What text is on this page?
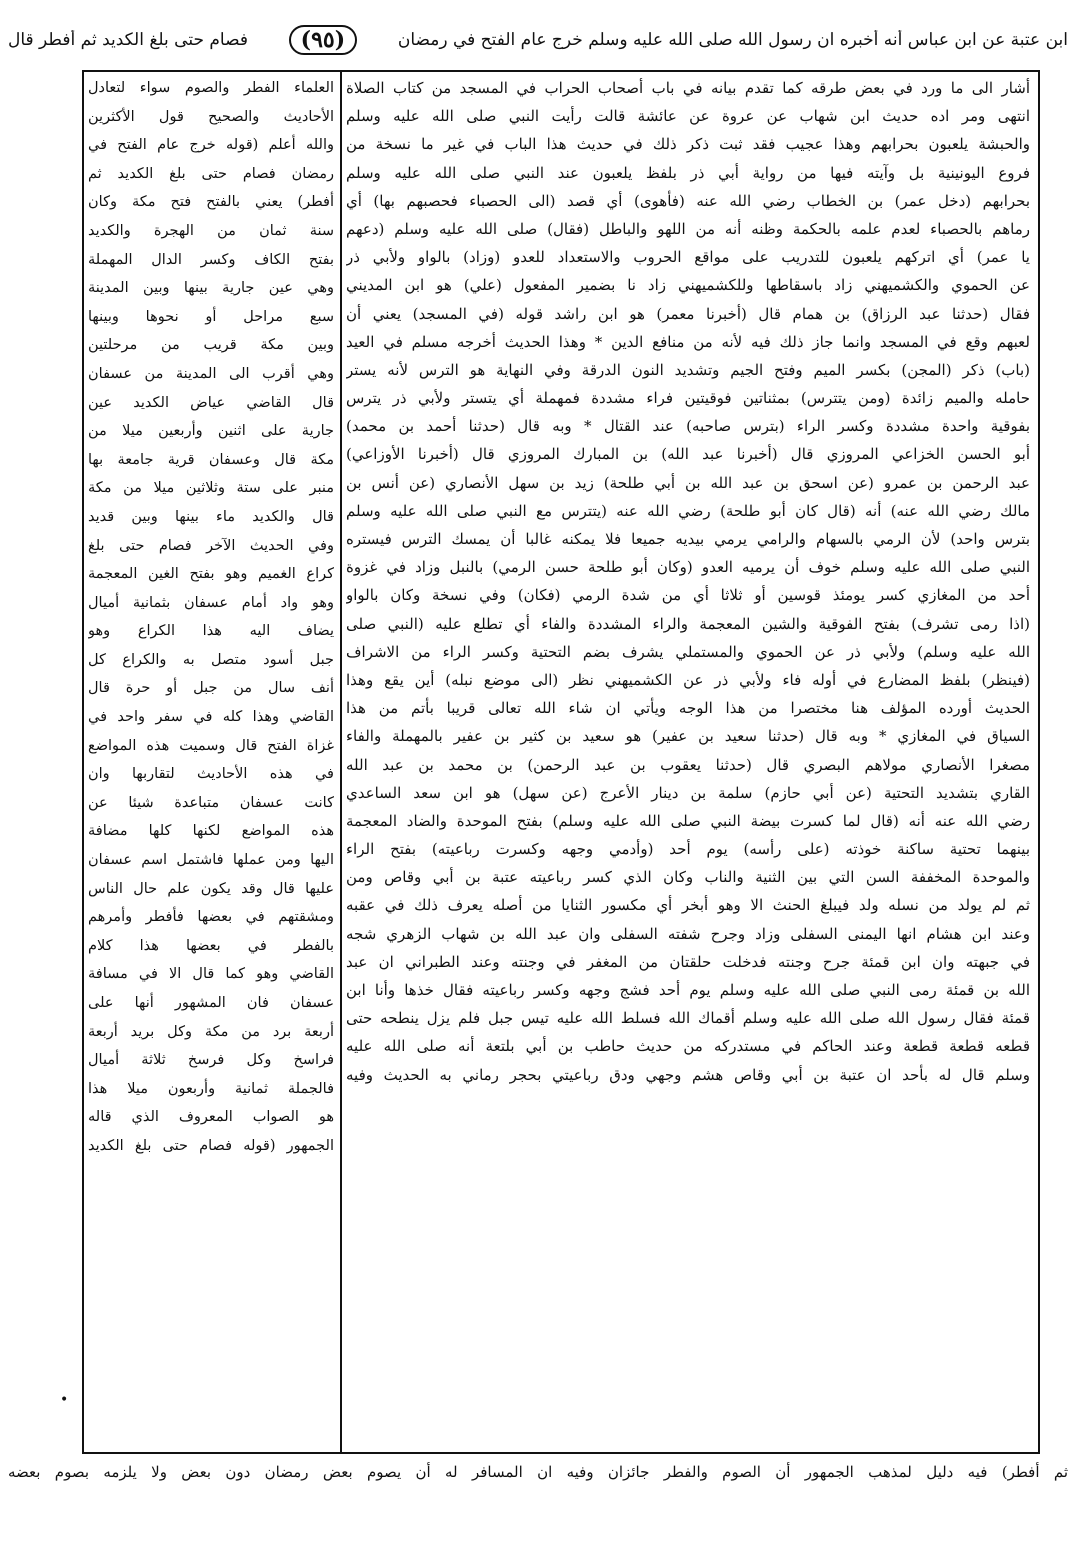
ابن عتبة عن ابن عباس أنه أخبره ان رسول الله صلى الله عليه وسلم خرج عام الفتح في رمضان
(٩٥)
فصام حتى بلغ الكديد ثم أفطر قال
أشار الى ما ورد في بعض طرقه كما تقدم بيانه في باب أصحاب الحراب في المسجد من كتاب الصلاة
انتهى ومر اده حديث ابن شهاب عن عروة عن عائشة قالت رأيت النبي صلى الله عليه وسلم
والحبشة يلعبون بحرابهم وهذا عجيب فقد ثبت ذكر ذلك في حديث هذا الباب في غير ما نسخة من
فروع اليونينية بل وآيته فيها من رواية أبي ذر بلفظ يلعبون عند النبي صلى الله عليه وسلم
بحرابهم (دخل عمر) بن الخطاب رضي الله عنه (فأهوى) أي قصد (الى الحصباء فحصبهم بها) أي
رماهم بالحصباء لعدم علمه بالحكمة وظنه أنه من اللهو والباطل (فقال) صلى الله عليه وسلم (دعهم
يا عمر) أي اتركهم يلعبون للتدريب على مواقع الحروب والاستعداد للعدو (وزاد) بالواو ولأبي ذر
عن الحموي والكشميهني زاد باسقاطها وللكشميهني زاد نا بضمير المفعول (علي) هو ابن المديني
فقال (حدثنا عبد الرزاق) بن همام قال (أخبرنا معمر) هو ابن راشد قوله (في المسجد) يعني أن
لعبهم وقع في المسجد وانما جاز ذلك فيه لأنه من منافع الدين * وهذا الحديث أخرجه مسلم في العيد
(باب) ذكر (المجن) بكسر الميم وفتح الجيم وتشديد النون الدرقة وفي النهاية هو الترس لأنه يستر
حامله والميم زائدة (ومن يتترس) بمثناتين فوقيتين فراء مشددة فمهملة أي يتستر ولأبي ذر يترس
بفوقية واحدة مشددة وكسر الراء (بترس صاحبه) عند القتال * وبه قال (حدثنا أحمد بن محمد)
أبو الحسن الخزاعي المروزي قال (أخبرنا عبد الله) بن المبارك المروزي قال (أخبرنا الأوزاعي)
عبد الرحمن بن عمرو (عن اسحق بن عبد الله بن أبي طلحة) زيد بن سهل الأنصاري (عن أنس بن
مالك رضي الله عنه) أنه (قال كان أبو طلحة) رضي الله عنه (يتترس مع النبي صلى الله عليه وسلم
بترس واحد) لأن الرمي بالسهام والرامي يرمي بيديه جميعا فلا يمكنه غالبا أن يمسك الترس فيستره
النبي صلى الله عليه وسلم خوف أن يرميه العدو (وكان أبو طلحة حسن الرمي) بالنبل وزاد في غزوة
أحد من المغازي كسر يومئذ قوسين أو ثلاثا أي من شدة الرمي (فكان) وفي نسخة وكان بالواو
(اذا رمى تشرف) بفتح الفوقية والشين المعجمة والراء المشددة والفاء أي تطلع عليه (النبي صلى
الله عليه وسلم) ولأبي ذر عن الحموي والمستملي يشرف بضم التحتية وكسر الراء من الاشراف
(فينظر) بلفظ المضارع في أوله فاء ولأبي ذر عن الكشميهني نظر (الى موضع نبله) أين يقع وهذا
الحديث أورده المؤلف هنا مختصرا من هذا الوجه ويأتي ان شاء الله تعالى قريبا بأتم من هذا
السياق في المغازي * وبه قال (حدثنا سعيد بن عفير) هو سعيد بن كثير بن عفير بالمهملة والفاء
مصغرا الأنصاري مولاهم البصري قال (حدثنا يعقوب بن عبد الرحمن) بن محمد بن عبد الله
القاري بتشديد التحتية (عن أبي حازم) سلمة بن دينار الأعرج (عن سهل) هو ابن سعد الساعدي
رضي الله عنه أنه (قال لما كسرت بيضة النبي صلى الله عليه وسلم) بفتح الموحدة والضاد المعجمة
بينهما تحتية ساكنة خوذته (على رأسه) يوم أحد (وأدمي وجهه وكسرت رباعيته) بفتح الراء
والموحدة المخففة السن التي بين الثنية والناب وكان الذي كسر رباعيته عتبة بن أبي وقاص ومن
ثم لم يولد من نسله ولد فيبلغ الحنث الا وهو أبخر أي مكسور الثنايا من أصله يعرف ذلك في عقبه
وعند ابن هشام انها اليمنى السفلى وزاد وجرح شفته السفلى وان عبد الله بن شهاب الزهري شجه
في جبهته وان ابن قمئة جرح وجنته فدخلت حلقتان من المغفر في وجنته وعند الطبراني ان عبد
الله بن قمئة رمى النبي صلى الله عليه وسلم يوم أحد فشج وجهه وكسر رباعيته فقال خذها وأنا ابن
قمئة فقال رسول الله صلى الله عليه وسلم أقماك الله فسلط الله عليه تيس جبل فلم يزل ينطحه حتى
قطعه قطعة قطعة وعند الحاكم في مستدركه من حديث حاطب بن أبي بلتعة أنه صلى الله عليه
وسلم قال له بأحد ان عتبة بن أبي وقاص هشم وجهي ودق رباعيتي بحجر رماني به الحديث وفيه
العلماء الفطر والصوم سواء لتعادل
الأحاديث والصحيح قول الأكثرين
والله أعلم (قوله خرج عام الفتح في
رمضان فصام حتى بلغ الكديد ثم
أفطر) يعني بالفتح فتح مكة وكان
سنة ثمان من الهجرة والكديد
بفتح الكاف وكسر الدال المهملة
وهي عين جارية بينها وبين المدينة
سبع مراحل أو نحوها وبينها
وبين مكة قريب من مرحلتين
وهي أقرب الى المدينة من عسفان
قال القاضي عياض الكديد عين
جارية على اثنين وأربعين ميلا من
مكة قال وعسفان قرية جامعة بها
منبر على ستة وثلاثين ميلا من مكة
قال والكديد ماء بينها وبين قديد
وفي الحديث الآخر فصام حتى بلغ
كراع الغميم وهو بفتح الغين المعجمة
وهو واد أمام عسفان بثمانية أميال
يضاف اليه هذا الكراع وهو
جبل أسود متصل به والكراع كل
أنف سال من جبل أو حرة قال
القاضي وهذا كله في سفر واحد في
غزاة الفتح قال وسميت هذه المواضع
في هذه الأحاديث لتقاربها وان
كانت عسفان متباعدة شيئا عن
هذه المواضع لكنها كلها مضافة
اليها ومن عملها فاشتمل اسم عسفان
عليها قال وقد يكون علم حال الناس
ومشقتهم في بعضها فأفطر وأمرهم
بالفطر في بعضها هذا كلام
القاضي وهو كما قال الا في مسافة
عسفان فان المشهور أنها على
أربعة برد من مكة وكل بريد أربعة
فراسخ وكل فرسخ ثلاثة أميال
فالجملة ثمانية وأربعون ميلا هذا
هو الصواب المعروف الذي قاله
الجمهور (قوله فصام حتى بلغ الكديد
ثم أفطر) فيه دليل لمذهب الجمهور أن الصوم والفطر جائزان وفيه ان المسافر له أن يصوم بعض رمضان دون بعض ولا يلزمه بصوم بعضه
•
